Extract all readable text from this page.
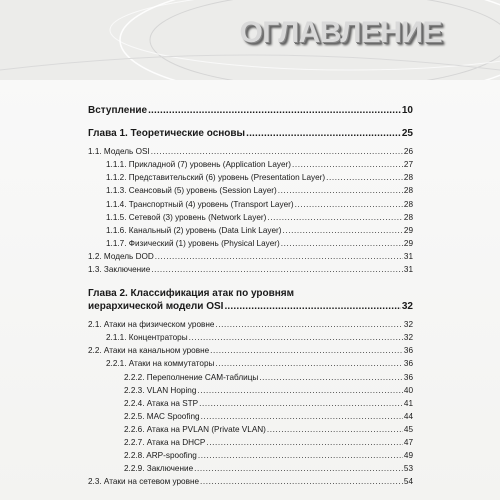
ОГЛАВЛЕНИЕ
Вступление .....	10
Глава 1. Теоретические основы .....	25
1.1. Модель OSI .....	26
1.1.1. Прикладной (7) уровень (Application Layer) .....	27
1.1.2. Представительский (6) уровень (Presentation Layer) .....	28
1.1.3. Сеансовый (5) уровень (Session Layer) .....	28
1.1.4. Транспортный (4) уровень (Transport Layer) .....	28
1.1.5. Сетевой (3) уровень (Network Layer) .....	28
1.1.6. Канальный (2) уровень (Data Link Layer) .....	29
1.1.7. Физический (1) уровень (Physical Layer) .....	29
1.2. Модель DOD .....	31
1.3. Заключение .....	31
Глава 2. Классификация атак по уровням
иерархической модели OSI .....	32
2.1. Атаки на физическом уровне .....	32
2.1.1. Концентраторы .....	32
2.2. Атаки на канальном уровне .....	36
2.2.1. Атаки на коммутаторы .....	36
2.2.2. Переполнение CAM-таблицы .....	36
2.2.3. VLAN Hoping .....	40
2.2.4. Атака на STP .....	41
2.2.5. MAC Spoofing .....	44
2.2.6. Атака на PVLAN (Private VLAN) .....	45
2.2.7. Атака на DHCP .....	47
2.2.8. ARP-spoofing .....	49
2.2.9. Заключение .....	53
2.3. Атаки на сетевом уровне .....	54
